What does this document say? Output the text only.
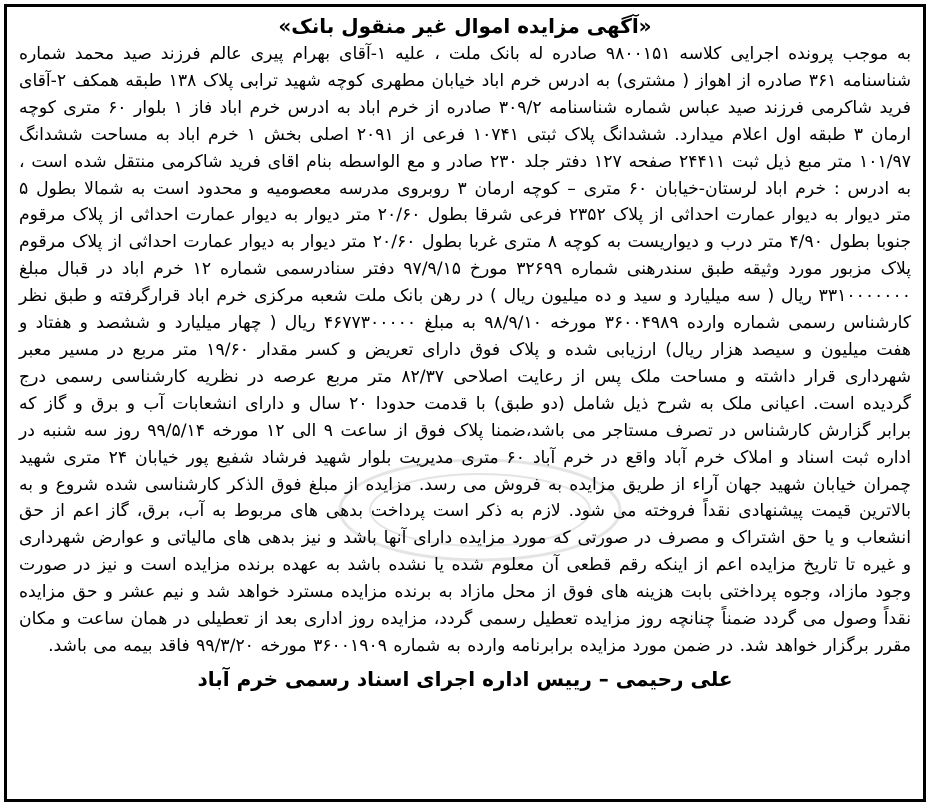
«آگهی مزایده اموال غیر منقول بانک»

به موجب پرونده اجرایی کلاسه ۹۸۰۰۱۵۱ صادره له بانک ملت ، علیه ۱-آقای بهرام پیری عالم فرزند صید محمد شماره شناسنامه ۳۶۱ صادره از اهواز ( مشتری) به ادرس خرم اباد خیابان مطهری کوچه شهید ترابی پلاک ۱۳۸ طبقه همکف ۲-آقای فرید شاکرمی فرزند صید عباس شماره شناسنامه ۳۰۹/۲ صادره از خرم اباد به ادرس خرم اباد فاز ۱ بلوار ۶۰ متری کوچه ارمان ۳ طبقه اول اعلام میدارد. ششدانگ پلاک ثبتی ۱۰۷۴۱ فرعی از ۲۰۹۱ اصلی بخش ۱ خرم اباد به مساحت ششدانگ ۱۰۱/۹۷ متر مبع ذیل ثبت ۲۴۴۱۱ صفحه ۱۲۷ دفتر جلد ۲۳۰ صادر و مع الواسطه بنام اقای فرید شاکرمی منتقل شده است ، به ادرس : خرم اباد لرستان-خیابان ۶۰ متری – کوچه ارمان ۳ روبروی مدرسه معصومیه و محدود است به شمالا بطول ۵ متر دیوار به دیوار عمارت احداثی از پلاک ۲۳۵۲ فرعی شرقا بطول ۲۰/۶۰ متر دیوار به دیوار عمارت احداثی از پلاک مرقوم جنوبا بطول ۴/۹۰ متر درب و دیواریست به کوچه ۸ متری غربا بطول ۲۰/۶۰ متر دیوار به دیوار عمارت احداثی از پلاک مرقوم پلاک مزبور مورد وثیقه طبق سندرهنی شماره ۳۲۶۹۹ مورخ ۹۷/۹/۱۵ دفتر سنادرسمی شماره ۱۲ خرم اباد در قبال مبلغ ۳۳۱۰۰۰۰۰۰۰ ریال ( سه میلیارد و سید و ده میلیون ریال ) در رهن بانک ملت شعبه مرکزی خرم اباد قرارگرفته و طبق نظر کارشناس رسمی شماره وارده ۳۶۰۰۴۹۸۹ مورخه ۹۸/۹/۱۰ به مبلغ ۴۶۷۷۳۰۰۰۰۰ ریال ( چهار میلیارد و ششصد و هفتاد و هفت میلیون و سیصد هزار ریال) ارزیابی شده و پلاک فوق دارای تعریض و کسر مقدار ۱۹/۶۰ متر مربع در مسیر معبر شهرداری قرار داشته و مساحت ملک پس از رعایت اصلاحی ۸۲/۳۷ متر مربع عرصه در نظریه کارشناسی رسمی درج گردیده است. اعیانی ملک به شرح ذیل شامل (دو طبق) با قدمت حدودا ۲۰ سال و دارای انشعابات آب و برق و گاز که برابر گزارش کارشناس در تصرف مستاجر می باشد،ضمنا پلاک فوق از ساعت ۹ الی ۱۲ مورخه ۹۹/۵/۱۴ روز سه شنبه در اداره ثبت اسناد و املاک خرم آباد واقع در خرم آباد ۶۰ متری مدیریت بلوار شهید فرشاد شفیع پور خیابان ۲۴ متری شهید چمران خیابان شهید جهان آراء از طریق مزایده به فروش می رسد. مزایده از مبلغ فوق الذکر کارشناسی شده شروع و به بالاترین قیمت پیشنهادی نقداً فروخته می شود. لازم به ذکر است پرداخت بدهی های مربوط به آب، برق، گاز اعم از حق انشعاب و یا حق اشتراک و مصرف در صورتی که مورد مزایده دارای آنها باشد و نیز بدهی های مالیاتی و عوارض شهرداری و غیره تا تاریخ مزایده اعم از اینکه رقم قطعی آن معلوم شده یا نشده باشد به عهده برنده مزایده است و نیز در صورت وجود مازاد، وجوه پرداختی بابت هزینه های فوق از محل مازاد به برنده مزایده مسترد خواهد شد و نیم عشر و حق مزایده نقداً وصول می گردد ضمناً چنانچه روز مزایده تعطیل رسمی گردد، مزایده روز اداری بعد از تعطیلی در همان ساعت و مکان مقرر برگزار خواهد شد. در ضمن مورد مزایده برابرنامه وارده به شماره ۳۶۰۰۱۹۰۹ مورخه ۹۹/۳/۲۰ فاقد بیمه می باشد.

علی رحیمی – رییس اداره اجرای اسناد رسمی خرم آباد
